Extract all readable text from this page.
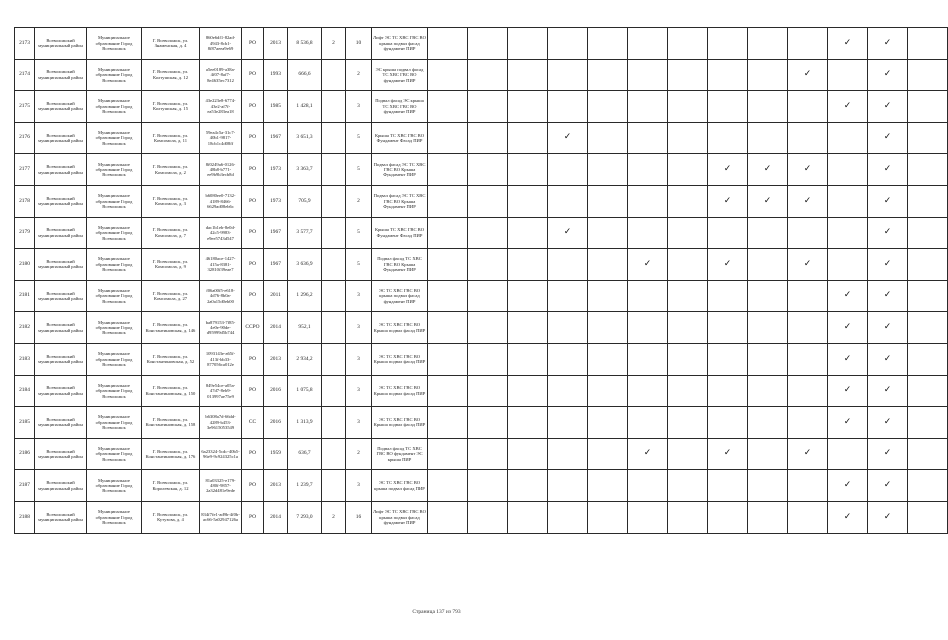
2173	Всеволожский муниципальный район	Муниципальное образование Город Всеволожск	Г. Всеволожск, ул. Знаменская, д. 4	860e6df1-82ad-4943-8cb1-8f87aeea9e69	РО	2013	8 536,8	2	10	Лифт ЭС ТС ХВС ГВС ВО крыша подвал фасад фундамент ПИР											✓	✓	
2174	Всеволожский муниципальный район	Муниципальное образование Город Всеволожск	Г. Всеволожск, ул. Колтушская, д. 12	a5ee0189-a38a-4f07-8af7-8e4635ec7312	РО	1993	666,6		2	ЭС крыша подвал фасад ТС ХВС ГВС ВО фундамент ПИР										✓		✓	
2175	Всеволожский муниципальный район	Муниципальное образование Город Всеволожск	Г. Всеволожск, ул. Колтушская, д. 15	43e223e8-6774-43e2-af7f-ea53e283ea18	РО	1985	1 428,1		3	Подвал фасад ЭС крыша ТС ХВС ГВС ВО фундамент ПИР											✓	✓	
2176	Всеволожский муниципальный район	Муниципальное образование Город Всеволожск	Г. Всеволожск, ул. Комсомола, д. 11	59ea4c5a-31c7-40b1-9817-18cb1c4d08ff	РО	1967	3 651,3		5	Крыша ТС ХВС ГВС ВО Фундамент Фасад ПИР				✓								✓	
2177	Всеволожский муниципальный район	Муниципальное образование Город Всеволожск	Г. Всеволожск, ул. Комсомола, д. 2	8f0249a6-0126-48b8-b771-ee9b9b3ecb8d	РО	1973	3 363,7		5	Подвал фасад ЭС ТС ХВС ГВС ВО Крыша Фундамент ПИР								✓	✓	✓		✓	
2178	Всеволожский муниципальный район	Муниципальное образование Город Всеволожск	Г. Всеволожск, ул. Комсомола, д. 3	b6080ee0-7132-4189-8466-6629ad08eb6c	РО	1973	705,9		2	Подвал фасад ЭС ТС ХВС ГВС ВО Крыша Фундамент ПИР								✓	✓	✓		✓	
2179	Всеволожский муниципальный район	Муниципальное образование Город Всеволожск	Г. Всеволожск, ул. Комсомола, д. 7	dac1b1eb-8e0d-42c5-9983-e9ee5743d547	РО	1967	3 577,7		5	Крыша ТС ХВС ГВС ВО Фундамент Фасад ПИР				✓								✓	
2180	Всеволожский муниципальный район	Муниципальное образование Город Всеволожск	Г. Всеволожск, ул. Комсомола, д. 9	46180ace-1427-415a-8381-32810f39eae7	РО	1967	3 636,9		5	Подвал фасад ТС ХВС ГВС ВО Крыша Фундамент ПИР						✓		✓		✓		✓	
2181	Всеволожский муниципальный район	Муниципальное образование Город Всеволожск	Г. Всеволожск, ул. Комсомола, д. 27	f06a00f5-e618-4d76-8b0a-2a0a15d0eb00	РО	2011	1 296,2		3	ЭС ТС ХВС ГВС ВО крыша подвал фасад фундамент ПИР											✓	✓	
2182	Всеволожский муниципальный район	Муниципальное образование Город Всеволожск	Г. Всеволожск, ул. Константиновская, д. 146	ba879153-7f85-4e0e-90de-d95999d5b744	ССРО	2014	952,1		3	ЭС ТС ХВС ГВС ВО Крыша подвал фасад ПИР											✓	✓	
2183	Всеволожский муниципальный район	Муниципальное образование Город Всеволожск	Г. Всеволожск, ул. Константиновская, д. 52	1093143e-a65f-413f-bb33-877056ca012e	РО	2013	2 934,2		3	ЭС ТС ХВС ГВС ВО Крыша подвал фасад ПИР											✓	✓	
2184	Всеволожский муниципальный район	Муниципальное образование Город Всеволожск	Г. Всеволожск, ул. Константиновская, д. 150	849e54ce-a05a-47d7-8eb9-013997ae75e9	РО	2016	1 075,8		3	ЭС ТС ХВС ГВС ВО Крыша подвал фасад ПИР											✓	✓	
2185	Всеволожский муниципальный район	Муниципальное образование Город Всеволожск	Г. Всеволожск, ул. Константиновская, д. 158	b6308a7d-66dd-4289-b453-3e9615053549	СС	2016	1 313,9		3	ЭС ТС ХВС ГВС ВО Крыша подвал фасад ПИР											✓	✓	
2186	Всеволожский муниципальный район	Муниципальное образование Город Всеволожск	Г. Всеволожск, ул. Константиновская, д. 176	6a23324-5cdc-40b5-96e9-9c924325c1a	РО	1959	636,7		2	Подвал фасад ТС ХВС ГВС ВО фундамент ЭС крыша ПИР						✓		✓		✓		✓	
2187	Всеволожский муниципальный район	Муниципальное образование Город Всеволожск	Г. Всеволожск, ул. Королевская, д. 12	81a03325-e179-480f-9857-2a32d481e9ede	РО	2013	1 239,7		3	ЭС ТС ХВС ГВС ВО крыша подвал фасад ПИР											✓	✓	
2188	Всеволожский муниципальный район	Муниципальное образование Город Всеволожск	Г. Всеволожск, ул. Кутузова, д. 4	834f7fe1-ad9b-4f0b-ac66-5a02947126a	РО	2014	7 293,0	2	16	Лифт ЭС ТС ХВС ГВС ВО крыша подвал фасад фундамент ПИР											✓	✓	
Страница 137 из 793
